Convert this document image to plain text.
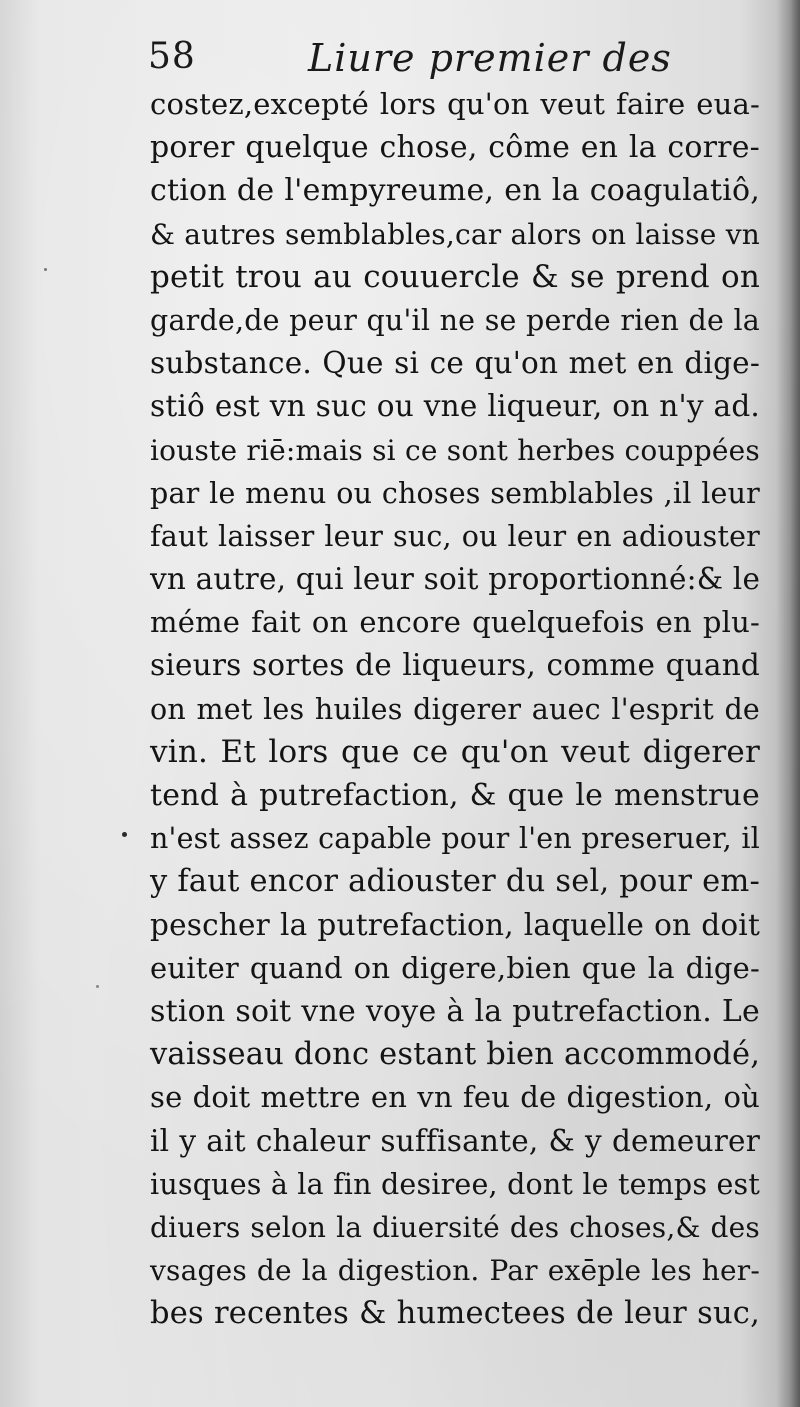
58	Liure premier des
costez,excepté lors qu'on veut faire eua-
porer quelque chose, côme en la corre-
ction de l'empyreume, en la coagulatiô,
& autres semblables,car alors on laisse vn
petit trou au couuercle & se prend on
garde,de peur qu'il ne se perde rien de la
substance. Que si ce qu'on met en dige-
stiô est vn suc ou vne liqueur, on n'y ad.
iouste riē:mais si ce sont herbes couppées
par le menu ou choses semblables ,il leur
faut laisser leur suc, ou leur en adiouster
vn autre, qui leur soit proportionné:& le
méme fait on encore quelquefois en plu-
sieurs sortes de liqueurs, comme quand
on met les huiles digerer auec l'esprit de
vin. Et lors que ce qu'on veut digerer
tend à putrefaction, & que le menstrue
n'est assez capable pour l'en preseruer, il
y faut encor adiouster du sel, pour em-
pescher la putrefaction, laquelle on doit
euiter quand on digere,bien que la dige-
stion soit vne voye à la putrefaction. Le
vaisseau donc estant bien accommodé,
se doit mettre en vn feu de digestion, où
il y ait chaleur suffisante, & y demeurer
iusques à la fin desiree, dont le temps est
diuers selon la diuersité des choses,& des
vsages de la digestion. Par exēple les her-
bes recentes & humectees de leur suc,
